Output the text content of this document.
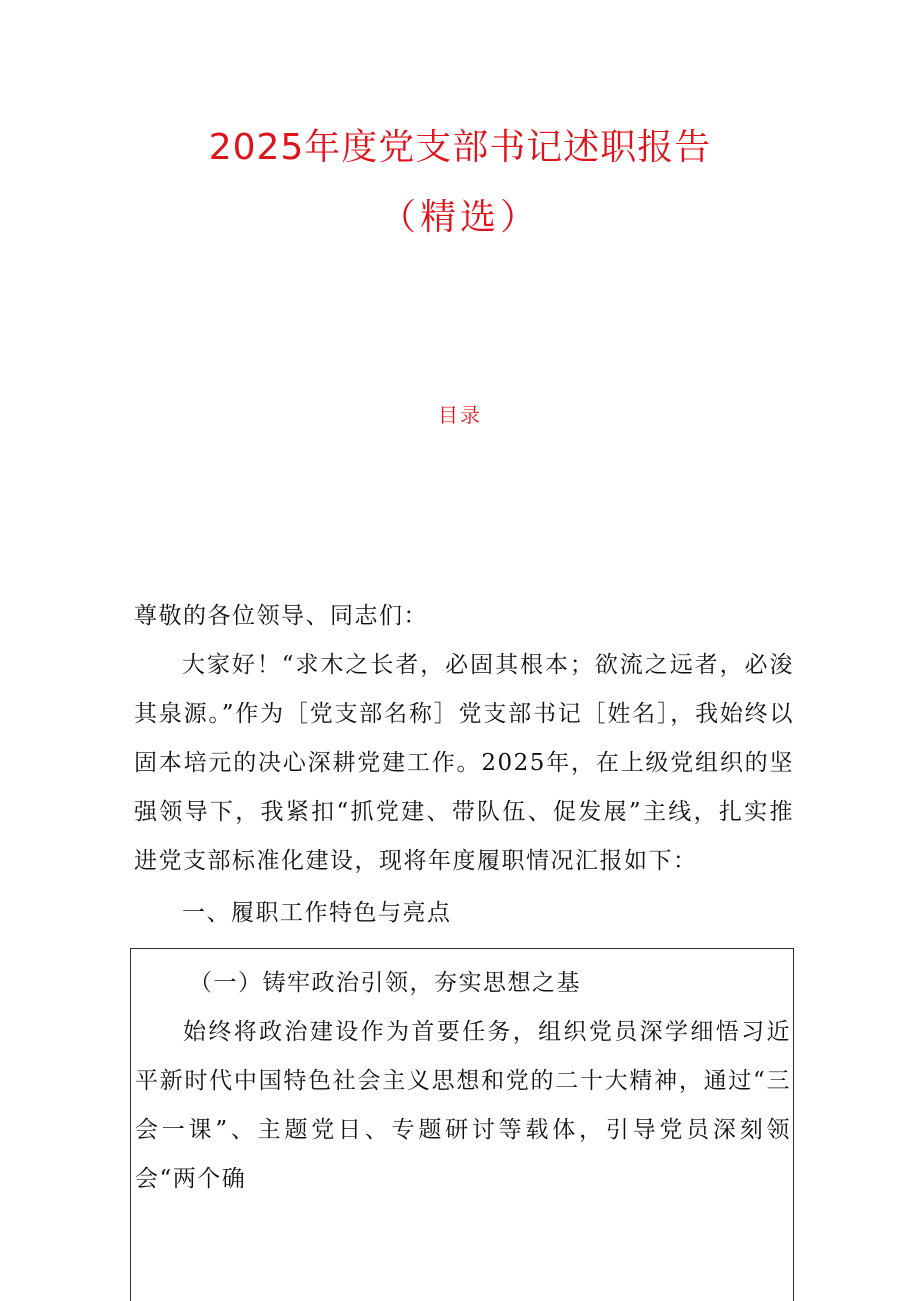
2025年度党支部书记述职报告
（精选）
目录
尊敬的各位领导、同志们：
大家好！“求木之长者，必固其根本；欲流之远者，必浚其泉源。”作为［党支部名称］党支部书记［姓名］，我始终以固本培元的决心深耕党建工作。2025年，在上级党组织的坚强领导下，我紧扣“抓党建、带队伍、促发展”主线，扎实推进党支部标准化建设，现将年度履职情况汇报如下：
一、履职工作特色与亮点
（一）铸牢政治引领，夯实思想之基
始终将政治建设作为首要任务，组织党员深学细悟习近平新时代中国特色社会主义思想和党的二十大精神，通过“三会一课”、主题党日、专题研讨等载体，引导党员深刻领会“两个确
